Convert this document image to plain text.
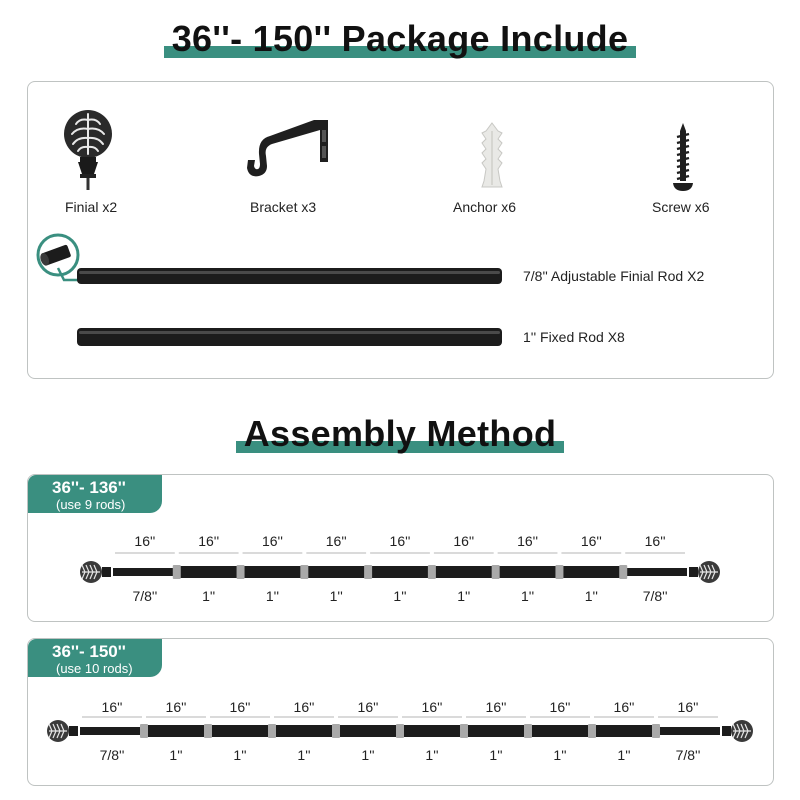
36''- 150'' Package Include
Finial x2	Bracket x3	Anchor x6	Screw x6
7/8'' Adjustable Finial Rod X2
1'' Fixed Rod X8
Assembly Method
36''- 136''
(use 9 rods)
16''
7/8''
16''
1''
16''
1''
16''
1''
16''
1''
16''
1''
16''
1''
16''
1''
16''
7/8''
36''- 150''
(use 10 rods)
16''
7/8''
16''
1''
16''
1''
16''
1''
16''
1''
16''
1''
16''
1''
16''
1''
16''
1''
16''
7/8''
